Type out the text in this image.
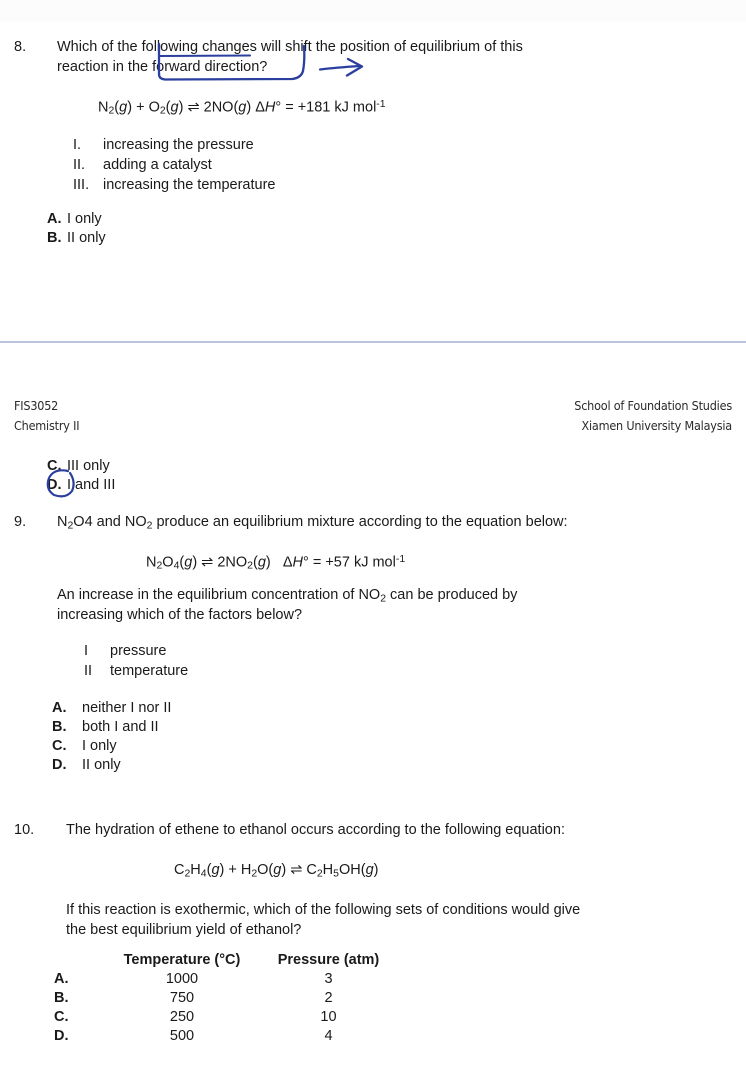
8. Which of the following changes will shift the position of equilibrium of this
reaction in the forward direction?
$N_2(g) + O_2(g)$ ⇌ 2NO(g) ΔH° = +181 kJ mol$^{-1}$
I. increasing the pressure
II. adding a catalyst
III. increasing the temperature
A. I only
B. II only
FIS3052
Chemistry II
School of Foundation Studies
Xiamen University Malaysia
C. III only
D. I and III
9. $N_2O4$ and $NO_2$ produce an equilibrium mixture according to the equation below:
$N_2O_4(g)$ ⇌ $2NO_2(g) \Delta H^\circ = +57$ kJ mol$^{-1}$
An increase in the equilibrium concentration of $NO_2$ can be produced by
increasing which of the factors below?
I pressure
II temperature
A. neither I nor II
B. both I and II
C. I only
D. II only
10. The hydration of ethene to ethanol occurs according to the following equation:
$C_2H_4(g) + H_2O(g)$ ⇌ $C_2H_5OH(g)$
If this reaction is exothermic, which of the following sets of conditions would give
the best equilibrium yield of ethanol?
Temperature (°C)	Pressure (atm)
A.	1000	3
B.	750	2
C.	250	10
D.	500	4
